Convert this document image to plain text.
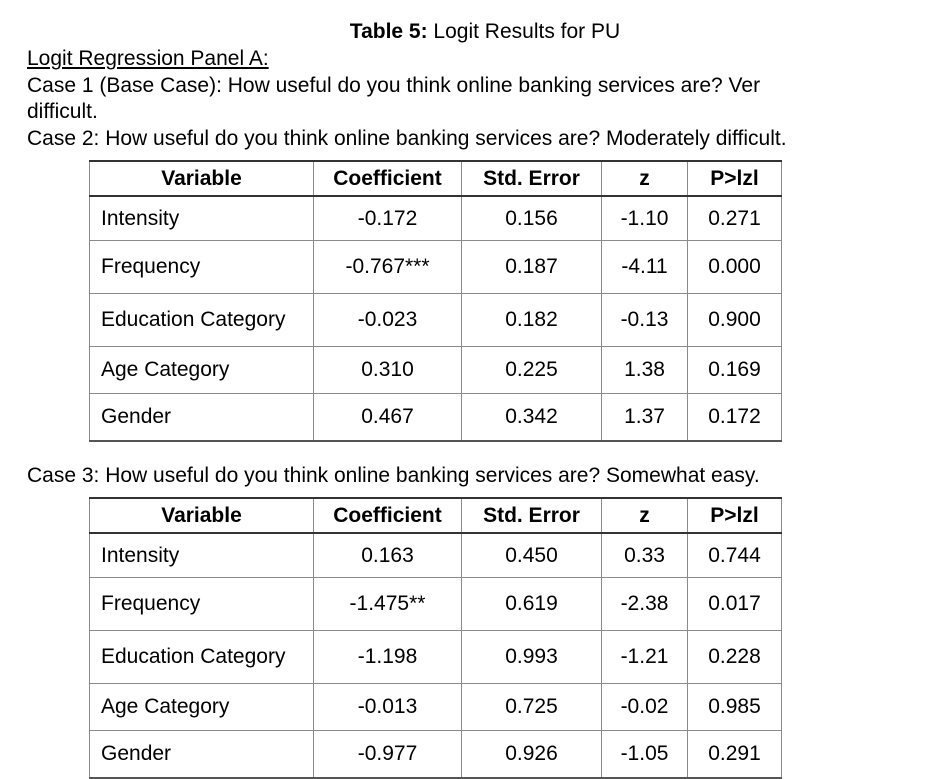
Table 5: Logit Results for PU
Logit Regression Panel A:
Case 1 (Base Case): How useful do you think online banking services are? Ver
difficult.
Case 2: How useful do you think online banking services are? Moderately difficult.
Variable	Coefficient	Std. Error	z	P>lzl
Intensity	-0.172	0.156	-1.10	0.271
Frequency	-0.767***	0.187	-4.11	0.000
Education Category	-0.023	0.182	-0.13	0.900
Age Category	0.310	0.225	1.38	0.169
Gender	0.467	0.342	1.37	0.172
Case 3: How useful do you think online banking services are? Somewhat easy.
Variable	Coefficient	Std. Error	z	P>lzl
Intensity	0.163	0.450	0.33	0.744
Frequency	-1.475**	0.619	-2.38	0.017
Education Category	-1.198	0.993	-1.21	0.228
Age Category	-0.013	0.725	-0.02	0.985
Gender	-0.977	0.926	-1.05	0.291
